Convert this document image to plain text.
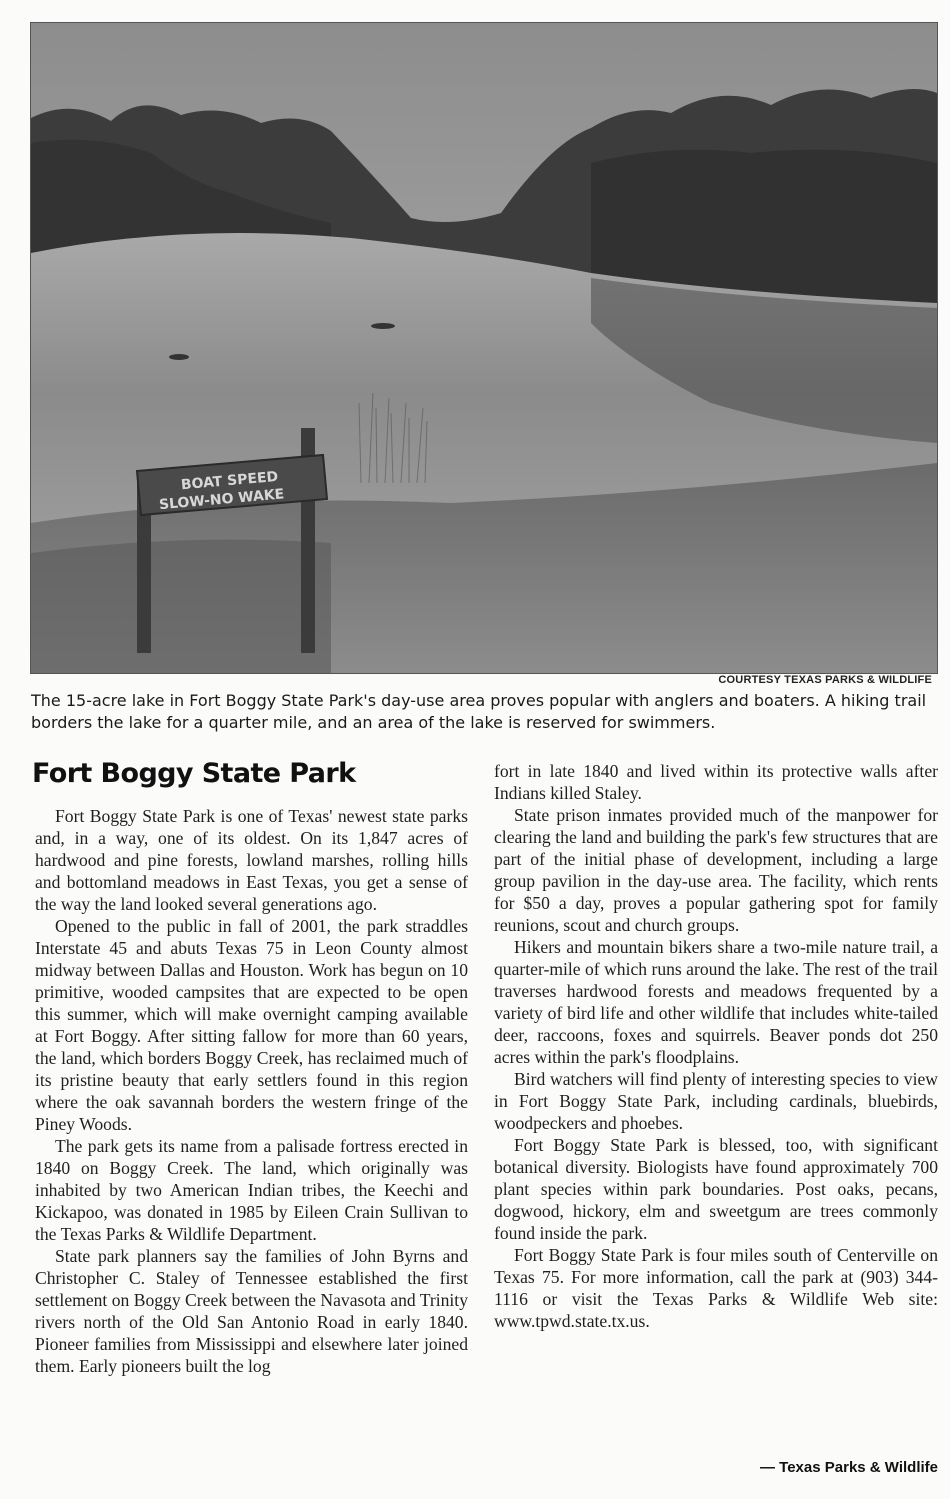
BOAT SPEED
SLOW-NO WAKE
COURTESY TEXAS PARKS & WILDLIFE
The 15-acre lake in Fort Boggy State Park's day-use area proves popular with anglers and boaters. A hiking trail borders the lake for a quarter mile, and an area of the lake is reserved for swimmers.
Fort Boggy State Park

Fort Boggy State Park is one of Texas' newest state parks and, in a way, one of its oldest. On its 1,847 acres of hardwood and pine forests, lowland marshes, rolling hills and bottomland meadows in East Texas, you get a sense of the way the land looked several generations ago.

Opened to the public in fall of 2001, the park straddles Interstate 45 and abuts Texas 75 in Leon County almost midway between Dallas and Houston. Work has begun on 10 primitive, wooded campsites that are expected to be open this summer, which will make overnight camping available at Fort Boggy. After sitting fallow for more than 60 years, the land, which borders Boggy Creek, has reclaimed much of its pristine beauty that early settlers found in this region where the oak savannah borders the western fringe of the Piney Woods.

The park gets its name from a palisade fortress erected in 1840 on Boggy Creek. The land, which originally was inhabited by two American Indian tribes, the Keechi and Kickapoo, was donated in 1985 by Eileen Crain Sullivan to the Texas Parks & Wildlife Department.

State park planners say the families of John Byrns and Christopher C. Staley of Tennessee established the first settlement on Boggy Creek between the Navasota and Trinity rivers north of the Old San Antonio Road in early 1840. Pioneer families from Mississippi and elsewhere later joined them. Early pioneers built the log

fort in late 1840 and lived within its protective walls after Indians killed Staley.

State prison inmates provided much of the manpower for clearing the land and building the park's few structures that are part of the initial phase of development, including a large group pavilion in the day-use area. The facility, which rents for $50 a day, proves a popular gathering spot for family reunions, scout and church groups.

Hikers and mountain bikers share a two-mile nature trail, a quarter-mile of which runs around the lake. The rest of the trail traverses hardwood forests and meadows frequented by a variety of bird life and other wildlife that includes white-tailed deer, raccoons, foxes and squirrels. Beaver ponds dot 250 acres within the park's floodplains.

Bird watchers will find plenty of interesting species to view in Fort Boggy State Park, including cardinals, bluebirds, woodpeckers and phoebes.

Fort Boggy State Park is blessed, too, with significant botanical diversity. Biologists have found approximately 700 plant species within park boundaries. Post oaks, pecans, dogwood, hickory, elm and sweetgum are trees commonly found inside the park.

Fort Boggy State Park is four miles south of Centerville on Texas 75. For more information, call the park at (903) 344-1116 or visit the Texas Parks & Wildlife Web site: www.tpwd.state.tx.us.

— Texas Parks & Wildlife
